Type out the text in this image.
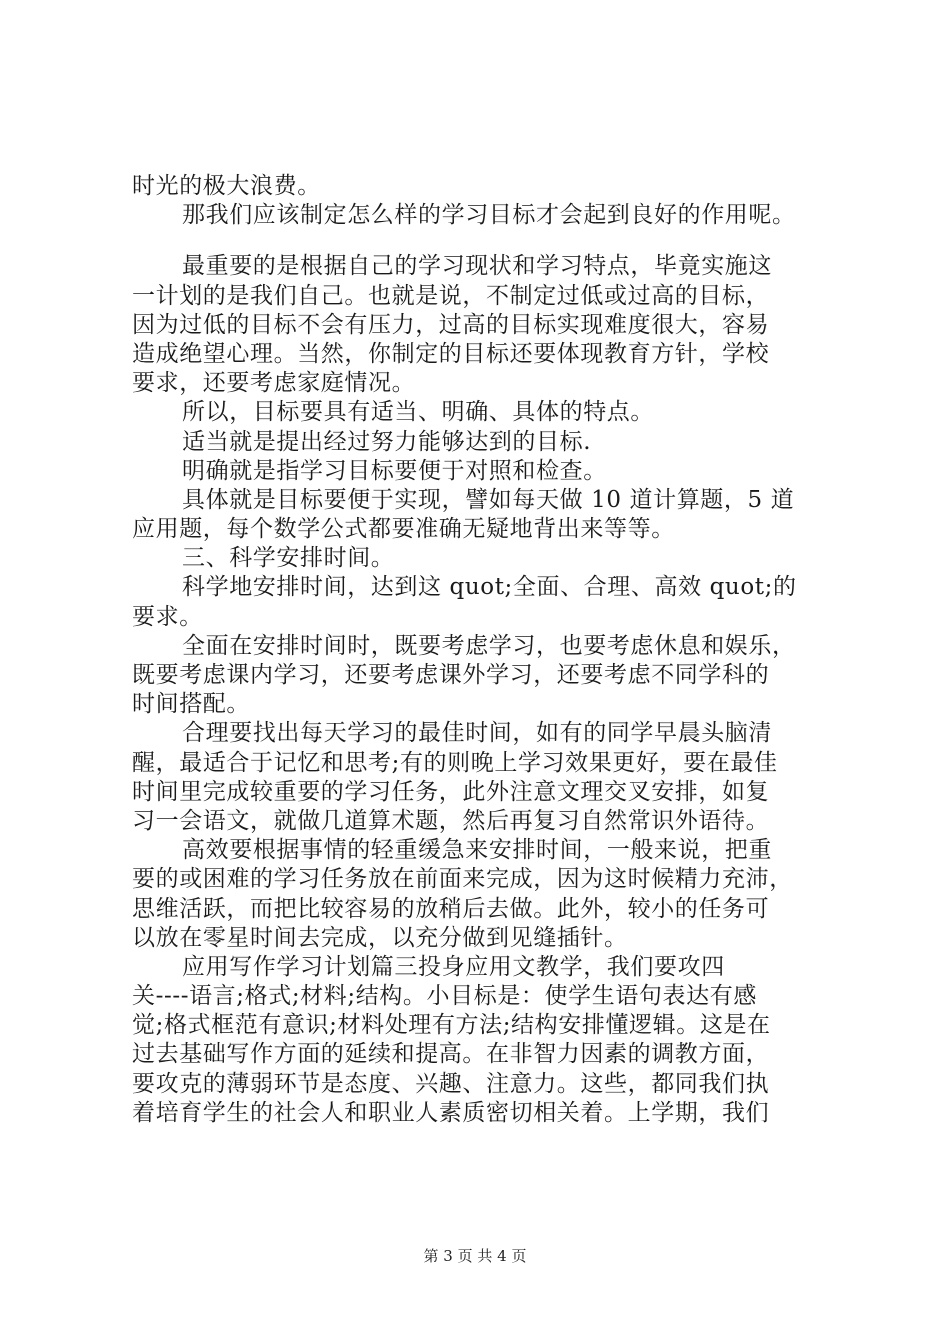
时光的极大浪费。
那我们应该制定怎么样的学习目标才会起到良好的作用呢。
最重要的是根据自己的学习现状和学习特点，毕竟实施这
一计划的是我们自己。也就是说，不制定过低或过高的目标，
因为过低的目标不会有压力，过高的目标实现难度很大，容易
造成绝望心理。当然，你制定的目标还要体现教育方针，学校
要求，还要考虑家庭情况。
所以，目标要具有适当、明确、具体的特点。
适当就是提出经过努力能够达到的目标.
明确就是指学习目标要便于对照和检查。
具体就是目标要便于实现，譬如每天做 10 道计算题，5 道
应用题，每个数学公式都要准确无疑地背出来等等。
三、科学安排时间。
科学地安排时间，达到这 quot;全面、合理、高效 quot;的
要求。
全面在安排时间时，既要考虑学习，也要考虑休息和娱乐，
既要考虑课内学习，还要考虑课外学习，还要考虑不同学科的
时间搭配。
合理要找出每天学习的最佳时间，如有的同学早晨头脑清
醒，最适合于记忆和思考;有的则晚上学习效果更好，要在最佳
时间里完成较重要的学习任务，此外注意文理交叉安排，如复
习一会语文，就做几道算术题，然后再复习自然常识外语待。
高效要根据事情的轻重缓急来安排时间，一般来说，把重
要的或困难的学习任务放在前面来完成，因为这时候精力充沛，
思维活跃，而把比较容易的放稍后去做。此外，较小的任务可
以放在零星时间去完成，以充分做到见缝插针。
应用写作学习计划篇三投身应用文教学，我们要攻四
关----语言;格式;材料;结构。小目标是：使学生语句表达有感
觉;格式框范有意识;材料处理有方法;结构安排懂逻辑。这是在
过去基础写作方面的延续和提高。在非智力因素的调教方面，
要攻克的薄弱环节是态度、兴趣、注意力。这些，都同我们执
着培育学生的社会人和职业人素质密切相关着。上学期，我们
第 3 页 共 4 页
